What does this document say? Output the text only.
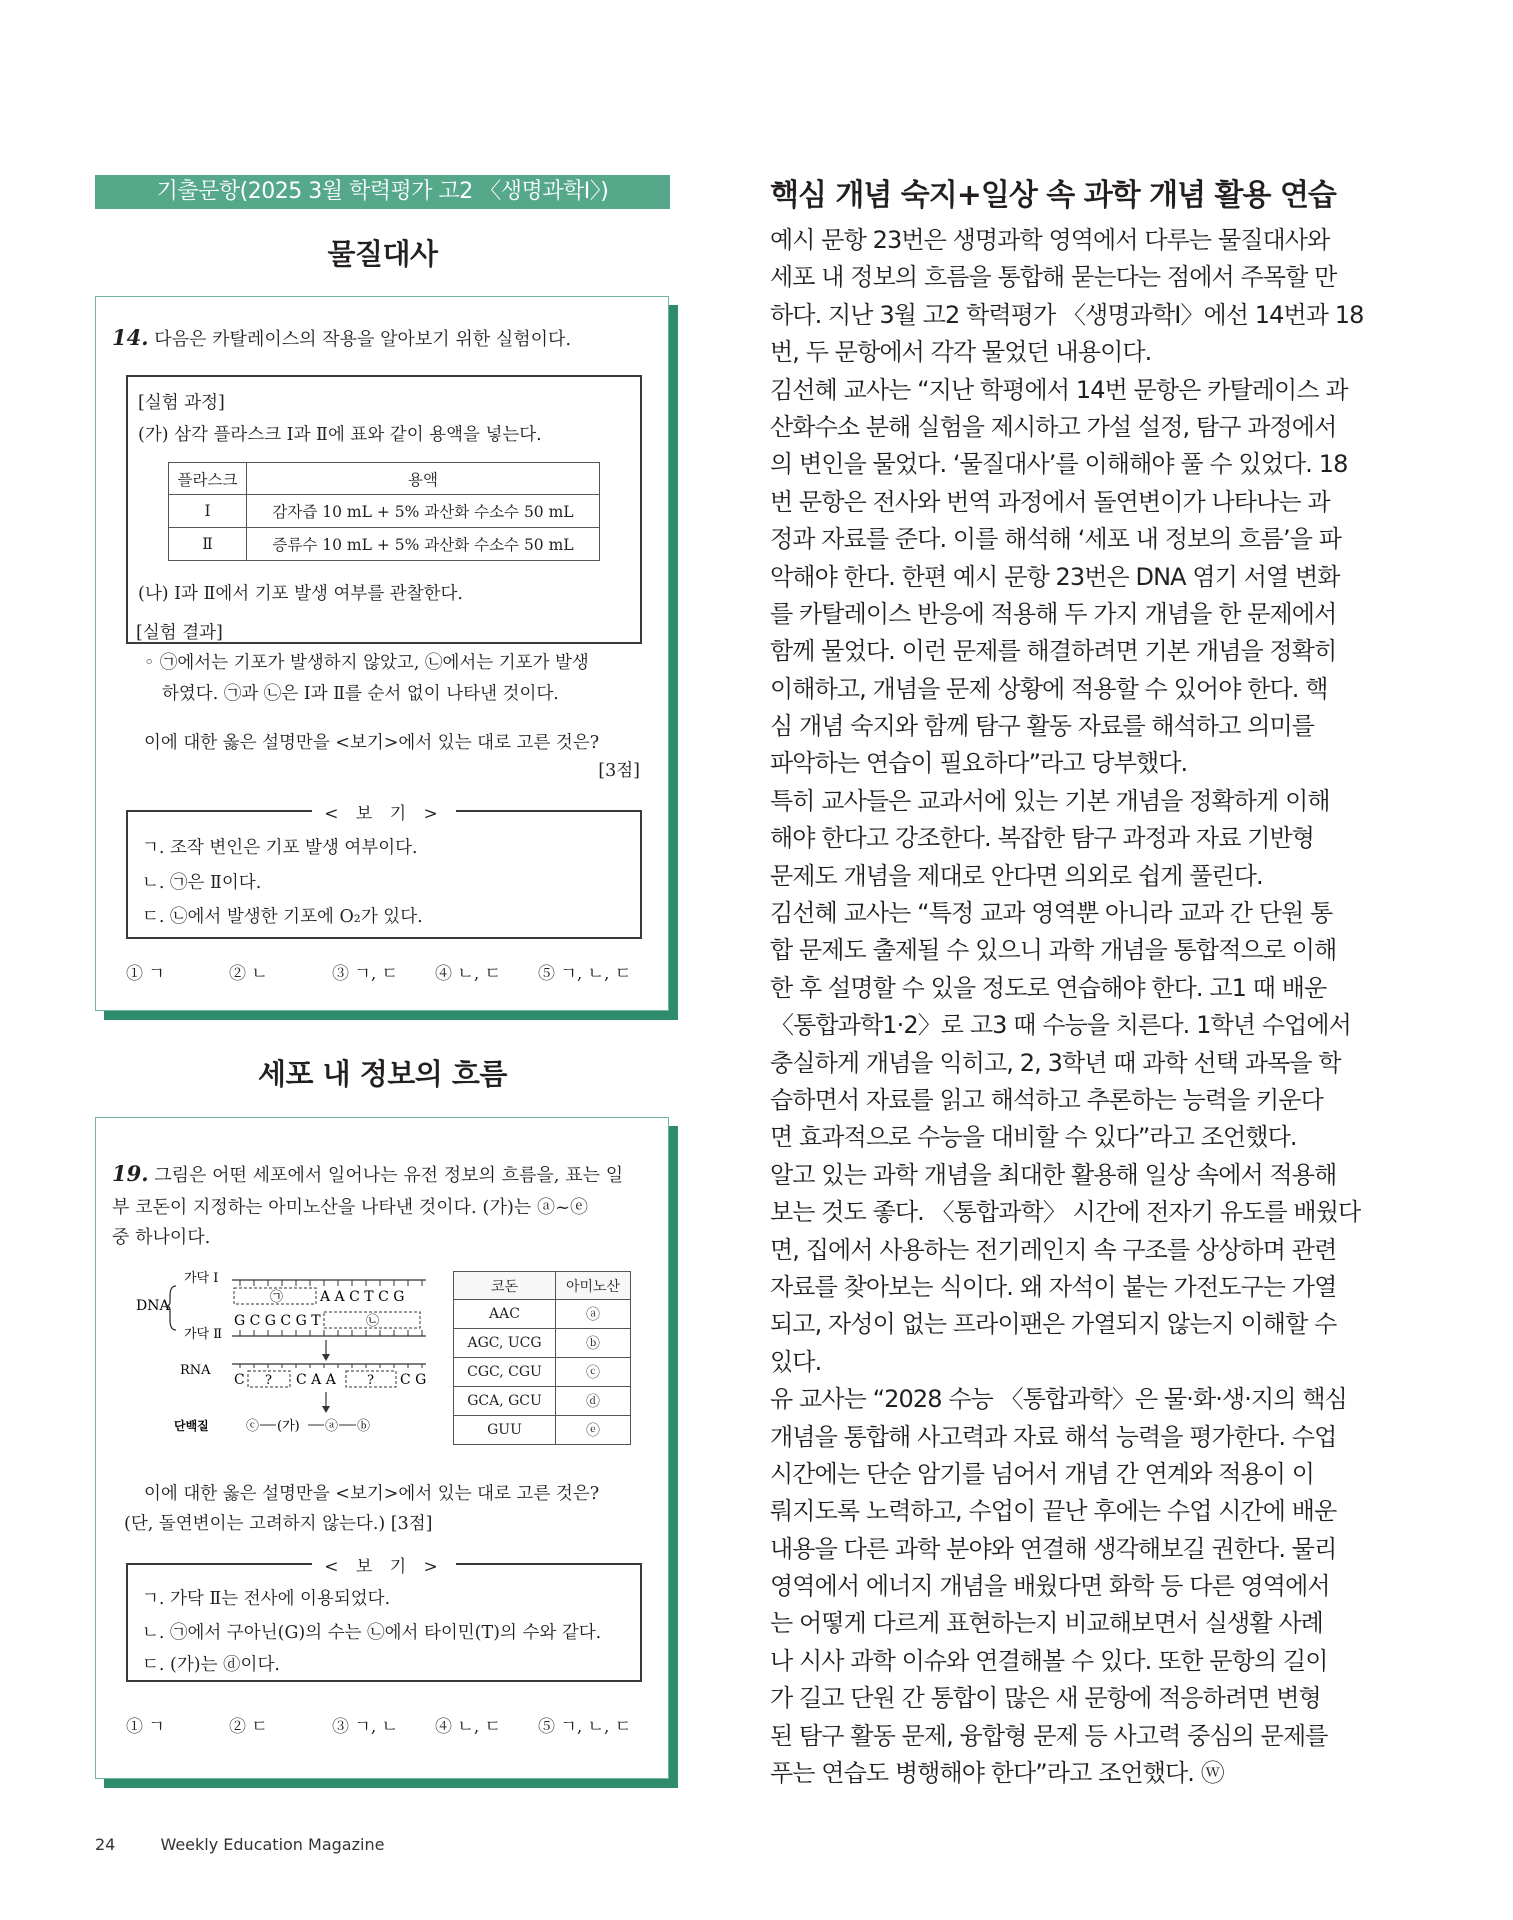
기출문항(2025 3월 학력평가 고2 〈생명과학Ⅰ〉)
물질대사
14. 다음은 카탈레이스의 작용을 알아보기 위한 실험이다.
[실험 과정]
(가) 삼각 플라스크 Ⅰ과 Ⅱ에 표와 같이 용액을 넣는다.
플라스크	용액
Ⅰ	감자즙 10 mL + 5% 과산화 수소수 50 mL
Ⅱ	증류수 10 mL + 5% 과산화 수소수 50 mL
(나) Ⅰ과 Ⅱ에서 기포 발생 여부를 관찰한다.
[실험 결과]
◦ ㉠에서는 기포가 발생하지 않았고, ㉡에서는 기포가 발생
하였다. ㉠과 ㉡은 Ⅰ과 Ⅱ를 순서 없이 나타낸 것이다.
이에 대한 옳은 설명만을 <보기>에서 있는 대로 고른 것은?
[3점]
< 보 기 >
ㄱ. 조작 변인은 기포 발생 여부이다.
ㄴ. ㉠은 Ⅱ이다.
ㄷ. ㉡에서 발생한 기포에 O₂가 있다.
① ㄱ	② ㄴ	③ ㄱ, ㄷ	④ ㄴ, ㄷ	⑤ ㄱ, ㄴ, ㄷ
세포 내 정보의 흐름
19. 그림은 어떤 세포에서 일어나는 유전 정보의 흐름을, 표는 일
부 코돈이 지정하는 아미노산을 나타낸 것이다. (가)는 ⓐ~ⓔ
중 하나이다.
가닥 Ⅰ
DNA
가닥 Ⅱ
㉠	A A C T C G
G C G C G T	㉡
RNA
C ? C A A ? C G
단백질	ⓒ (가) ⓐ ⓑ
코돈	아미노산
AAC	ⓐ
AGC, UCG	ⓑ
CGC, CGU	ⓒ
GCA, GCU	ⓓ
GUU	ⓔ
이에 대한 옳은 설명만을 <보기>에서 있는 대로 고른 것은?
(단, 돌연변이는 고려하지 않는다.) [3점]
< 보 기 >
ㄱ. 가닥 Ⅱ는 전사에 이용되었다.
ㄴ. ㉠에서 구아닌(G)의 수는 ㉡에서 타이민(T)의 수와 같다.
ㄷ. (가)는 ⓓ이다.
① ㄱ	② ㄷ	③ ㄱ, ㄴ	④ ㄴ, ㄷ	⑤ ㄱ, ㄴ, ㄷ
핵심 개념 숙지+일상 속 과학 개념 활용 연습
예시 문항 23번은 생명과학 영역에서 다루는 물질대사와
세포 내 정보의 흐름을 통합해 묻는다는 점에서 주목할 만
하다. 지난 3월 고2 학력평가 〈생명과학Ⅰ〉에선 14번과 18
번, 두 문항에서 각각 물었던 내용이다.
김선혜 교사는 “지난 학평에서 14번 문항은 카탈레이스 과
산화수소 분해 실험을 제시하고 가설 설정, 탐구 과정에서
의 변인을 물었다. ‘물질대사’를 이해해야 풀 수 있었다. 18
번 문항은 전사와 번역 과정에서 돌연변이가 나타나는 과
정과 자료를 준다. 이를 해석해 ‘세포 내 정보의 흐름’을 파
악해야 한다. 한편 예시 문항 23번은 DNA 염기 서열 변화
를 카탈레이스 반응에 적용해 두 가지 개념을 한 문제에서
함께 물었다. 이런 문제를 해결하려면 기본 개념을 정확히
이해하고, 개념을 문제 상황에 적용할 수 있어야 한다. 핵
심 개념 숙지와 함께 탐구 활동 자료를 해석하고 의미를
파악하는 연습이 필요하다”라고 당부했다.
특히 교사들은 교과서에 있는 기본 개념을 정확하게 이해
해야 한다고 강조한다. 복잡한 탐구 과정과 자료 기반형
문제도 개념을 제대로 안다면 의외로 쉽게 풀린다.
김선혜 교사는 “특정 교과 영역뿐 아니라 교과 간 단원 통
합 문제도 출제될 수 있으니 과학 개념을 통합적으로 이해
한 후 설명할 수 있을 정도로 연습해야 한다. 고1 때 배운
〈통합과학1·2〉로 고3 때 수능을 치른다. 1학년 수업에서
충실하게 개념을 익히고, 2, 3학년 때 과학 선택 과목을 학
습하면서 자료를 읽고 해석하고 추론하는 능력을 키운다
면 효과적으로 수능을 대비할 수 있다”라고 조언했다.
알고 있는 과학 개념을 최대한 활용해 일상 속에서 적용해
보는 것도 좋다. 〈통합과학〉 시간에 전자기 유도를 배웠다
면, 집에서 사용하는 전기레인지 속 구조를 상상하며 관련
자료를 찾아보는 식이다. 왜 자석이 붙는 가전도구는 가열
되고, 자성이 없는 프라이팬은 가열되지 않는지 이해할 수
있다.
유 교사는 “2028 수능 〈통합과학〉은 물·화·생·지의 핵심
개념을 통합해 사고력과 자료 해석 능력을 평가한다. 수업
시간에는 단순 암기를 넘어서 개념 간 연계와 적용이 이
뤄지도록 노력하고, 수업이 끝난 후에는 수업 시간에 배운
내용을 다른 과학 분야와 연결해 생각해보길 권한다. 물리
영역에서 에너지 개념을 배웠다면 화학 등 다른 영역에서
는 어떻게 다르게 표현하는지 비교해보면서 실생활 사례
나 시사 과학 이슈와 연결해볼 수 있다. 또한 문항의 길이
가 길고 단원 간 통합이 많은 새 문항에 적응하려면 변형
된 탐구 활동 문제, 융합형 문제 등 사고력 중심의 문제를
푸는 연습도 병행해야 한다”라고 조언했다. ⓦ
24	Weekly Education Magazine
